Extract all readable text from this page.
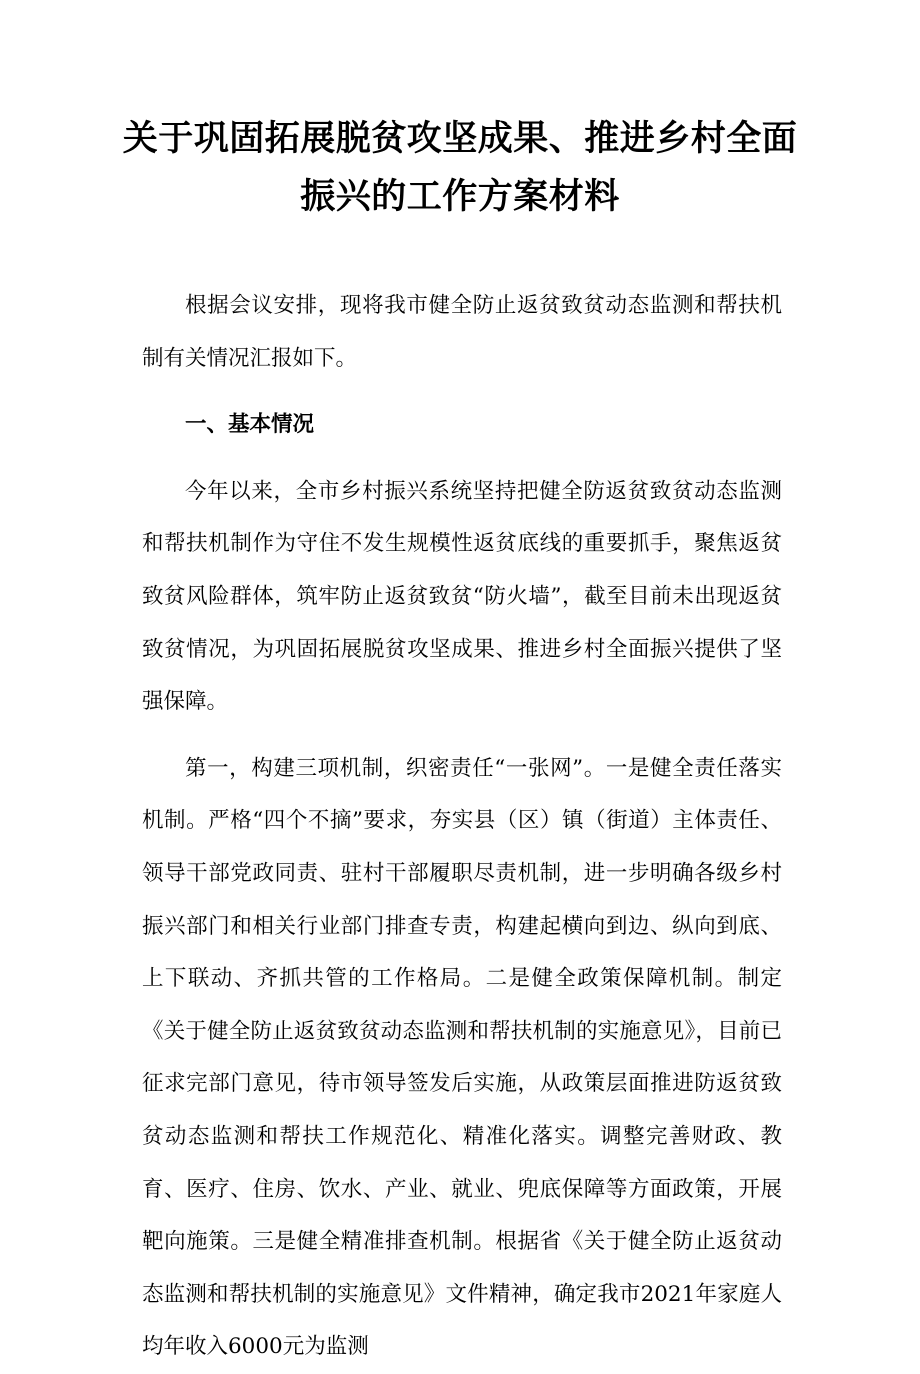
关于巩固拓展脱贫攻坚成果、推进乡村全面
振兴的工作方案材料

根据会议安排，现将我市健全防止返贫致贫动态监测和帮扶机制有关情况汇报如下。

一、基本情况

今年以来，全市乡村振兴系统坚持把健全防返贫致贫动态监测和帮扶机制作为守住不发生规模性返贫底线的重要抓手，聚焦返贫致贫风险群体，筑牢防止返贫致贫“防火墙”，截至目前未出现返贫致贫情况，为巩固拓展脱贫攻坚成果、推进乡村全面振兴提供了坚强保障。

第一，构建三项机制，织密责任“一张网”。一是健全责任落实机制。严格“四个不摘”要求，夯实县（区）镇（街道）主体责任、领导干部党政同责、驻村干部履职尽责机制，进一步明确各级乡村振兴部门和相关行业部门排查专责，构建起横向到边、纵向到底、上下联动、齐抓共管的工作格局。二是健全政策保障机制。制定《关于健全防止返贫致贫动态监测和帮扶机制的实施意见》，目前已征求完部门意见，待市领导签发后实施，从政策层面推进防返贫致贫动态监测和帮扶工作规范化、精准化落实。调整完善财政、教育、医疗、住房、饮水、产业、就业、兜底保障等方面政策，开展靶向施策。三是健全精准排查机制。根据省《关于健全防止返贫动态监测和帮扶机制的实施意见》文件精神，确定我市2021年家庭人均年收入6000元为监测
